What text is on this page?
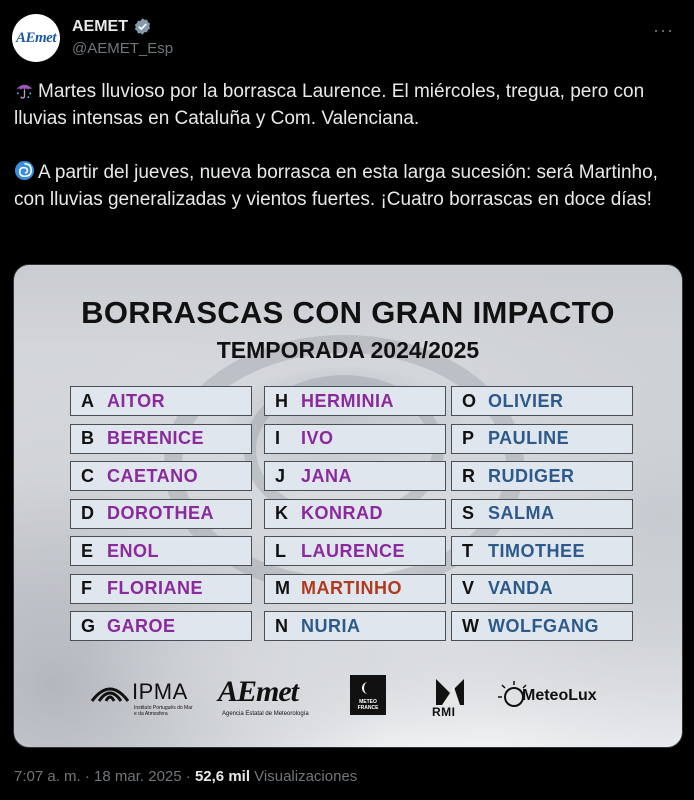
AEmet
AEMET
@AEMET_Esp
···

Martes lluvioso por la borrasca Laurence. El miércoles, tregua, pero con lluvias intensas en Cataluña y Com. Valenciana.

A partir del jueves, nueva borrasca en esta larga sucesión: será Martinho, con lluvias generalizadas y vientos fuertes. ¡Cuatro borrascas en doce días!

BORRASCAS CON GRAN IMPACTO
TEMPORADA 2024/2025
A AITOR
B BERENICE
C CAETANO
D DOROTHEA
E ENOL
F FLORIANE
G GAROE
H HERMINIA
I	IVO
J JANA
K KONRAD
L LAURENCE
M MARTINHO
N NURIA
O OLIVIER
P PAULINE
R RUDIGER
S SALMA
T TIMOTHEE
V VANDA
W WOLFGANG
IPMA
Instituto Português do Mar e da Atmosfera
AEmet
Agencia Estatal de Meteorología
METEO FRANCE	RMI
MeteoLux
7:07 a. m. · 18 mar. 2025 · 52,6 mil Visualizaciones
